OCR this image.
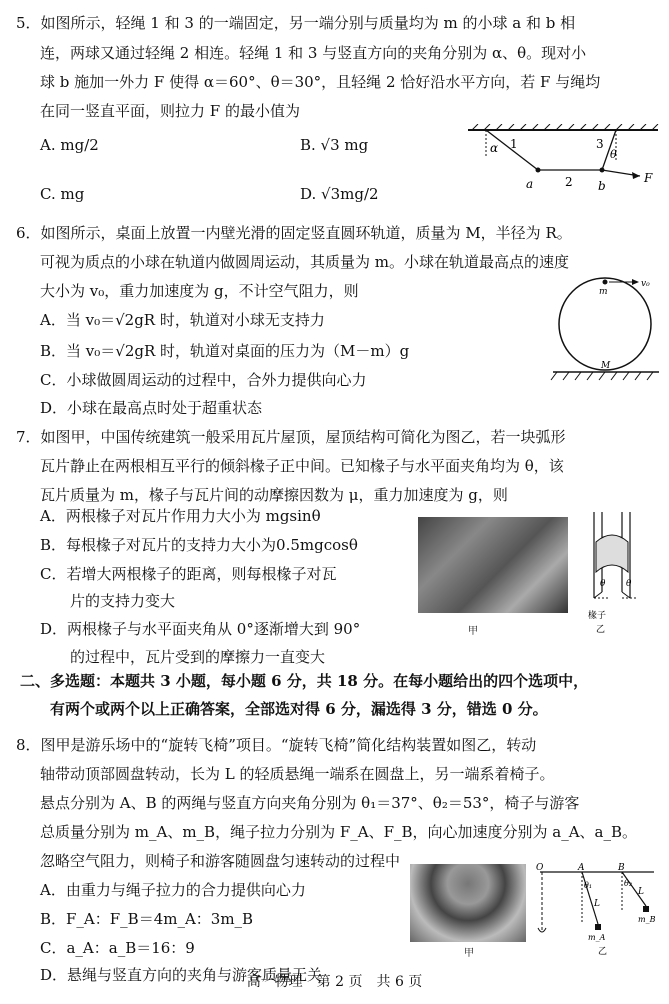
5．如图所示，轻绳 1 和 3 的一端固定，另一端分别与质量均为 m 的小球 a 和 b 相
连，两球又通过轻绳 2 相连。轻绳 1 和 3 与竖直方向的夹角分别为 α、θ。现对小
球 b 施加一外力 F 使得 α＝60°、θ＝30°，且轻绳 2 恰好沿水平方向，若 F 与绳均
在同一竖直平面，则拉力 F 的最小值为
A. mg/2	B. √3 mg
C. mg	D. √3mg/2
α 1	3
θ
a	2 b
F
6．如图所示，桌面上放置一内壁光滑的固定竖直圆环轨道，质量为 M，半径为 R。
可视为质点的小球在轨道内做圆周运动，其质量为 m。小球在轨道最高点的速度
大小为 v₀，重力加速度为 g，不计空气阻力，则
A．当 v₀＝√2gR 时，轨道对小球无支持力
B．当 v₀＝√2gR 时，轨道对桌面的压力为（M－m）g
C．小球做圆周运动的过程中，合外力提供向心力
D．小球在最高点时处于超重状态
m
v₀
M
7．如图甲，中国传统建筑一般采用瓦片屋顶，屋顶结构可简化为图乙，若一块弧形
瓦片静止在两根相互平行的倾斜椽子正中间。已知椽子与水平面夹角均为 θ，该
瓦片质量为 m，椽子与瓦片间的动摩擦因数为 μ，重力加速度为 g，则
A．两根椽子对瓦片作用力大小为 mgsinθ
B．每根椽子对瓦片的支持力大小为0.5mgcosθ
C．若增大两根椽子的距离，则每根椽子对瓦
片的支持力变大
D．两根椽子与水平面夹角从 0°逐渐增大到 90°
的过程中，瓦片受到的摩擦力一直变大
甲
θ θ
椽子
乙
二、多选题：本题共 3 小题，每小题 6 分，共 18 分。在每小题给出的四个选项中，
有两个或两个以上正确答案，全部选对得 6 分，漏选得 3 分，错选 0 分。
8．图甲是游乐场中的“旋转飞椅”项目。“旋转飞椅”简化结构装置如图乙，转动
轴带动顶部圆盘转动，长为 L 的轻质悬绳一端系在圆盘上，另一端系着椅子。
悬点分别为 A、B 的两绳与竖直方向夹角分别为 θ₁＝37°、θ₂＝53°，椅子与游客
总质量分别为 m_A、m_B，绳子拉力分别为 F_A、F_B，向心加速度分别为 a_A、a_B。
忽略空气阻力，则椅子和游客随圆盘匀速转动的过程中
A．由重力与绳子拉力的合力提供向心力
B．F_A：F_B＝4m_A：3m_B
C．a_A：a_B＝16：9
D．悬绳与竖直方向的夹角与游客质量无关
甲
O	A	B
θ₁	θ₂
L
L
m_A
m_B
乙
高一物理　第 2 页　共 6 页
